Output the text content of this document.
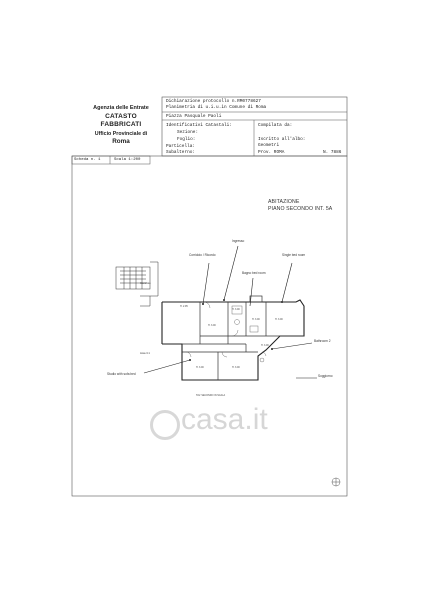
Agenzia delle Entrate
CATASTO FABBRICATI
Ufficio Provinciale di
Roma
Dichiarazione protocollo n.RM0778627
Planimetria di u.i.u.in Comune di Roma
Piazza Pasquale Paoli
Identificativi Catastali:
Sezione:
Foglio:
Particella:
Subalterno:
Compilata da:
Iscritto all'albo:
Geometri
Prov. ROMA	N. 7886
Scheda n. 1	Scala 1:200
ABITAZIONE
PIANO SECONDO INT. 5A
Ingresso
Corridoio / Ricordo	Single bed room
Bagno bed room
Bathroom 2
Studio with sofa bed	Soggiorno
Area 3.1
Corridoio
H. 2.95
H. 3.00
H. 3.00
H. 3.00	H. 3.00
H. 3.00	H. 3.00
H. 3.00
TAV. SECONDO IN SCALA
casa.it
